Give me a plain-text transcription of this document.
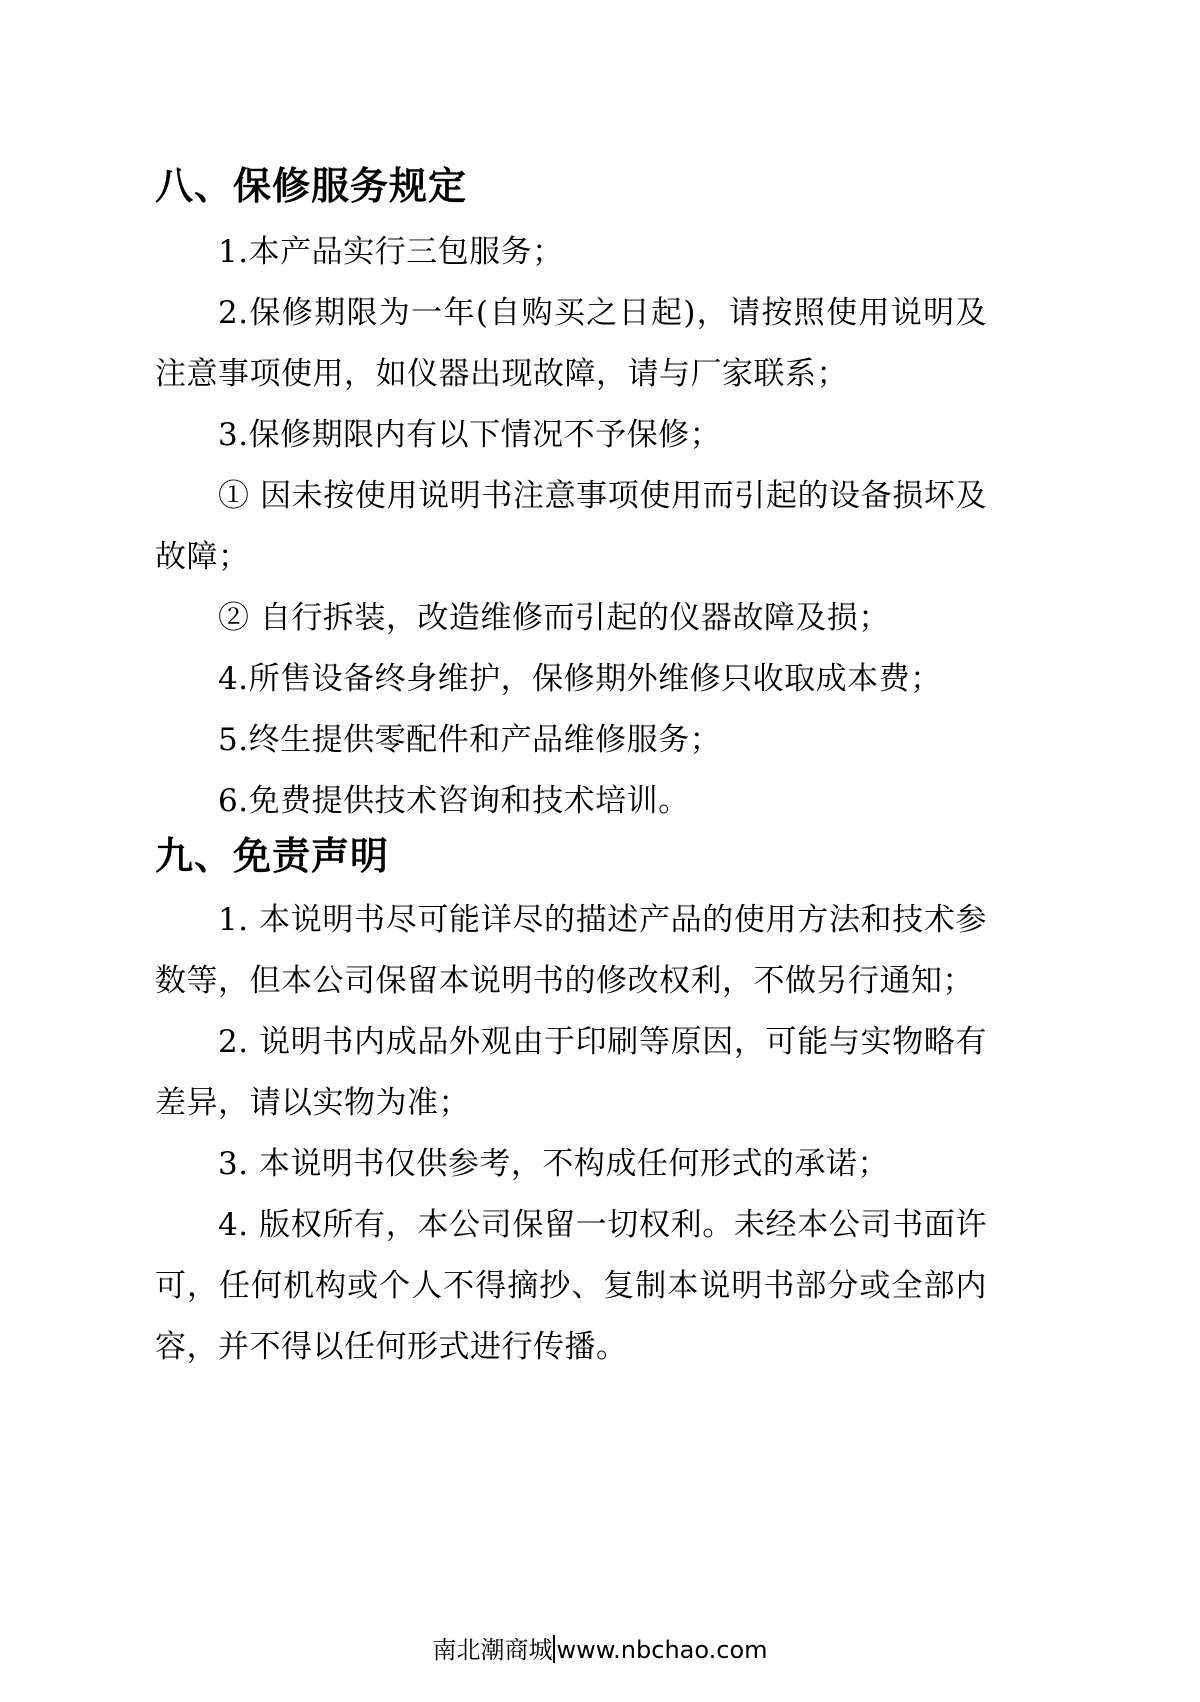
八、保修服务规定

1.本产品实行三包服务；

2.保修期限为一年(自购买之日起)，请按照使用说明及注意事项使用，如仪器出现故障，请与厂家联系；

3.保修期限内有以下情况不予保修；

① 因未按使用说明书注意事项使用而引起的设备损坏及故障；

② 自行拆装，改造维修而引起的仪器故障及损；

4.所售设备终身维护，保修期外维修只收取成本费；

5.终生提供零配件和产品维修服务；

6.免费提供技术咨询和技术培训。

九、免责声明

1. 本说明书尽可能详尽的描述产品的使用方法和技术参数等，但本公司保留本说明书的修改权利，不做另行通知；

2. 说明书内成品外观由于印刷等原因，可能与实物略有差异，请以实物为准；

3. 本说明书仅供参考，不构成任何形式的承诺；

4. 版权所有，本公司保留一切权利。未经本公司书面许可，任何机构或个人不得摘抄、复制本说明书部分或全部内容，并不得以任何形式进行传播。

南北潮商城 www.nbchao.com
